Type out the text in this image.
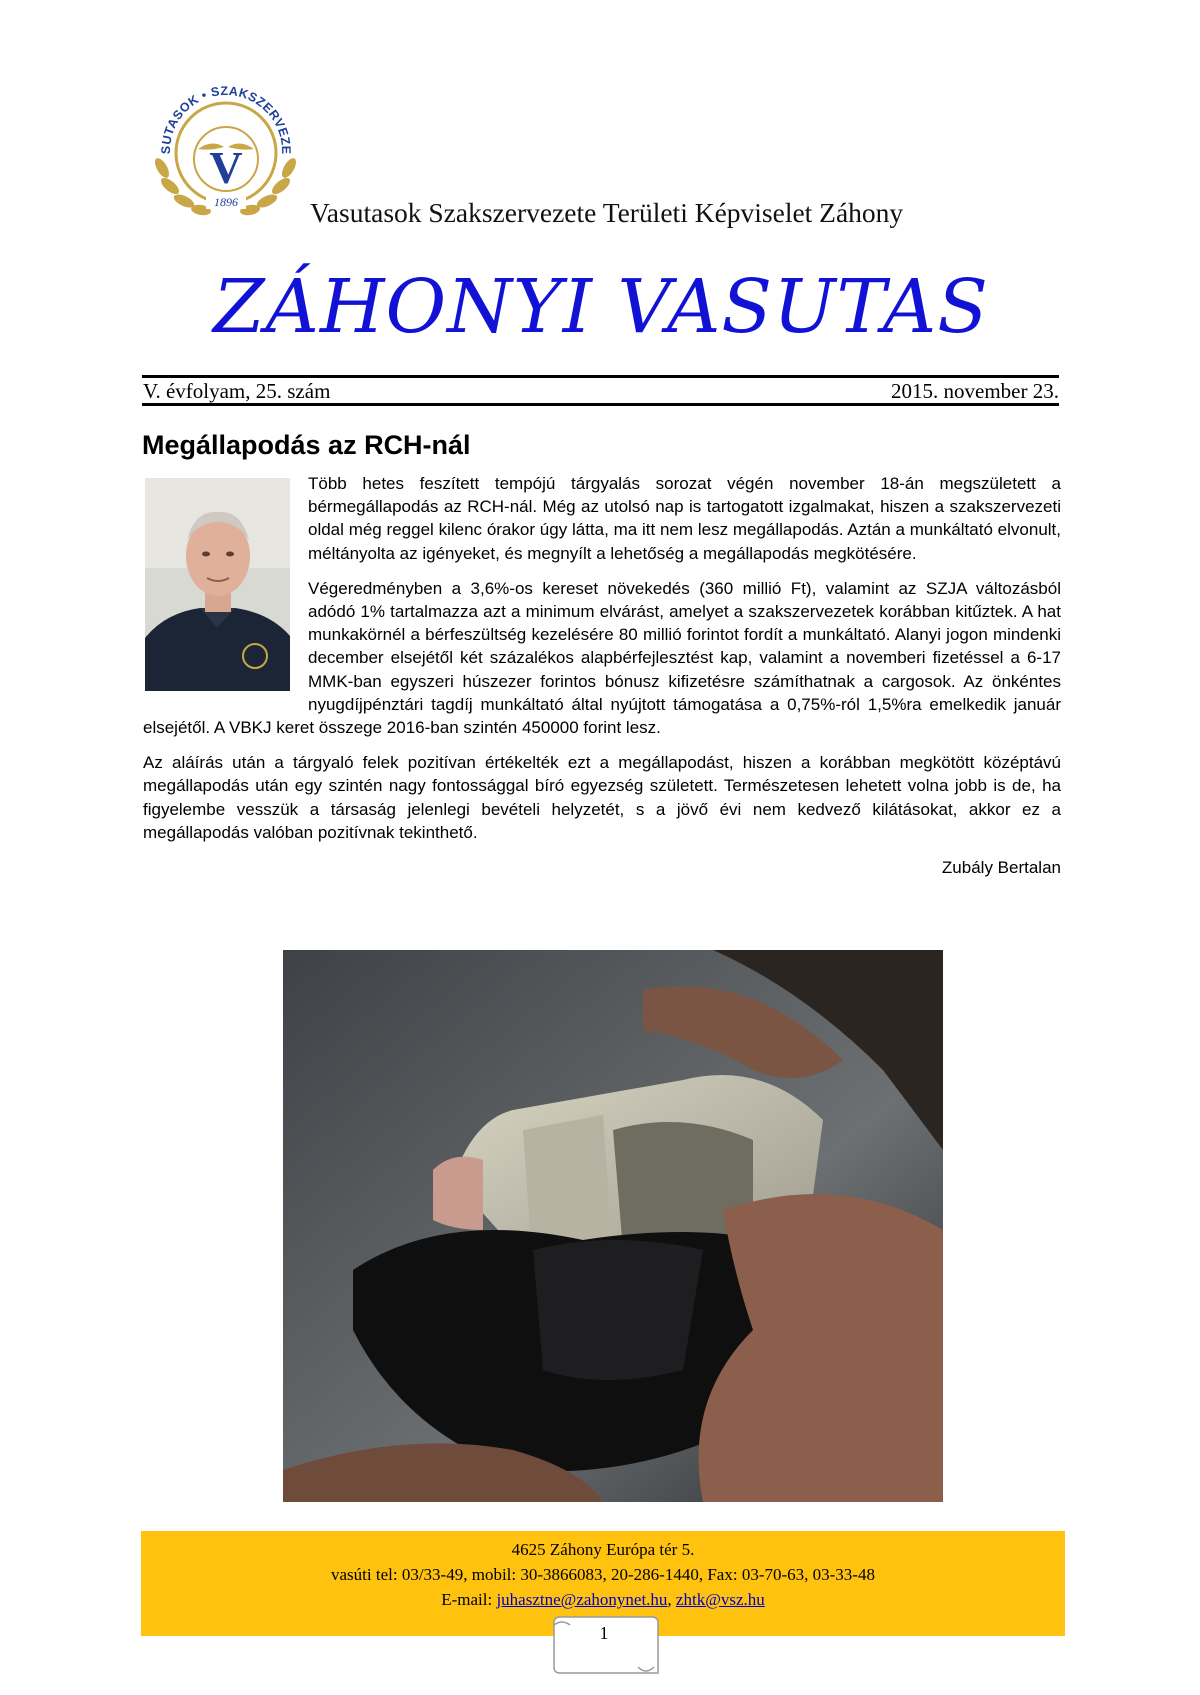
SUTASOK • SZAKSZERVEZE
V
1896	Vasutasok Szakszervezete Területi Képviselet Záhony
ZÁHONYI VASUTAS
V. évfolyam, 25. szám	2015. november 23.
Megállapodás az RCH-nál

Több hetes feszített tempójú tárgyalás sorozat végén november 18-án megszületett a bérmegállapodás az RCH-nál. Még az utolsó nap is tartogatott izgalmakat, hiszen a szakszervezeti oldal még reggel kilenc órakor úgy látta, ma itt nem lesz megállapodás. Aztán a munkáltató elvonult, méltányolta az igényeket, és megnyílt a lehetőség a megállapodás megkötésére.

Végeredményben a 3,6%-os kereset növekedés (360 millió Ft), valamint az SZJA változásból adódó 1% tartalmazza azt a minimum elvárást, amelyet a szakszervezetek korábban kitűztek. A hat munkakörnél a bérfeszültség kezelésére 80 millió forintot fordít a munkáltató. Alanyi jogon mindenki december elsejétől két százalékos alapbérfejlesztést kap, valamint a novemberi fizetéssel a 6-17 MMK-ban egyszeri húszezer forintos bónusz kifizetésre számíthatnak a cargosok. Az önkéntes nyugdíjpénztári tagdíj munkáltató által nyújtott támogatása a 0,75%-ról 1,5%ra emelkedik január elsejétől. A VBKJ keret összege 2016-ban szintén 450000 forint lesz.

Az aláírás után a tárgyaló felek pozitívan értékelték ezt a megállapodást, hiszen a korábban megkötött középtávú megállapodás után egy szintén nagy fontossággal bíró egyezség született. Természetesen lehetett volna jobb is de, ha figyelembe vesszük a társaság jelenlegi bevételi helyzetét, s a jövő évi nem kedvező kilátásokat, akkor ez a megállapodás valóban pozitívnak tekinthető.

Zubály Bertalan
4625 Záhony Európa tér 5.
vasúti tel: 03/33-49, mobil: 30-3866083, 20-286-1440, Fax: 03-70-63, 03-33-48
E-mail: juhasztne@zahonynet.hu, zhtk@vsz.hu
1
